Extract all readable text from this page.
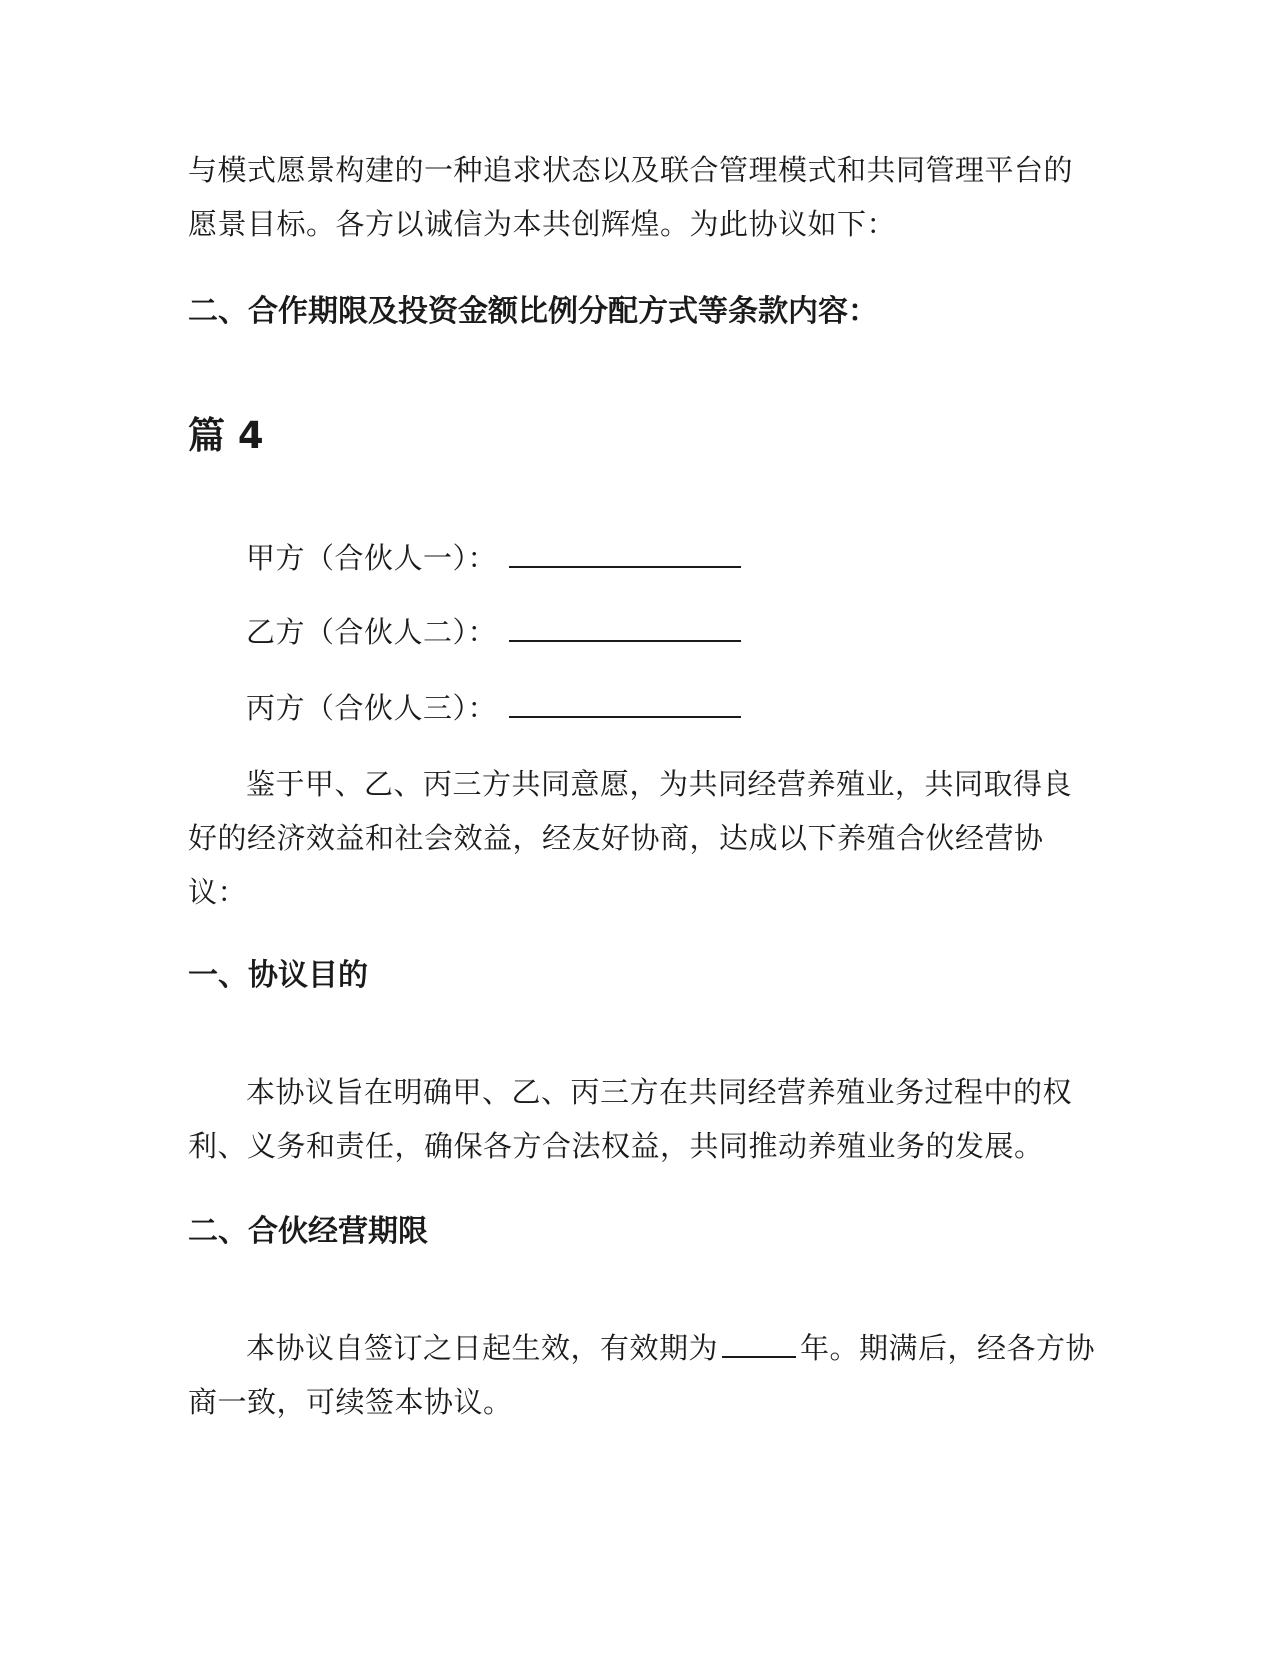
与模式愿景构建的一种追求状态以及联合管理模式和共同管理平台的
愿景目标。各方以诚信为本共创辉煌。为此协议如下：
二、合作期限及投资金额比例分配方式等条款内容：
篇 4
甲方（合伙人一）：
乙方（合伙人二）：
丙方（合伙人三）：
鉴于甲、乙、丙三方共同意愿，为共同经营养殖业，共同取得良
好的经济效益和社会效益，经友好协商，达成以下养殖合伙经营协
议：
一、协议目的
本协议旨在明确甲、乙、丙三方在共同经营养殖业务过程中的权
利、义务和责任，确保各方合法权益，共同推动养殖业务的发展。
二、合伙经营期限
本协议自签订之日起生效，有效期为	年。期满后，经各方协
商一致，可续签本协议。
